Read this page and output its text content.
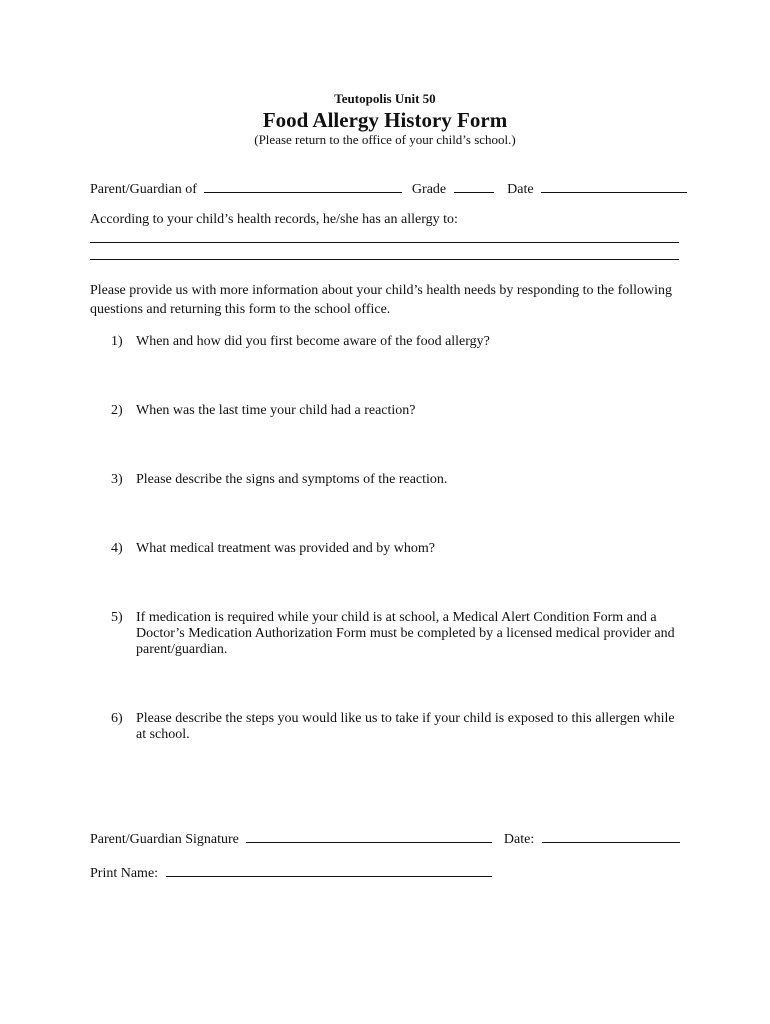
Teutopolis Unit 50
Food Allergy History Form
(Please return to the office of your child’s school.)
Parent/Guardian of	Grade	Date
According to your child’s health records, he/she has an allergy to:
Please provide us with more information about your child’s health needs by responding to the following questions and returning this form to the school office.
1) When and how did you first become aware of the food allergy?
2) When was the last time your child had a reaction?
3) Please describe the signs and symptoms of the reaction.
4) What medical treatment was provided and by whom?
5) If medication is required while your child is at school, a Medical Alert Condition Form and a Doctor’s Medication Authorization Form must be completed by a licensed medical provider and parent/guardian.
6) Please describe the steps you would like us to take if your child is exposed to this allergen while at school.
Parent/Guardian Signature	Date:
Print Name:
